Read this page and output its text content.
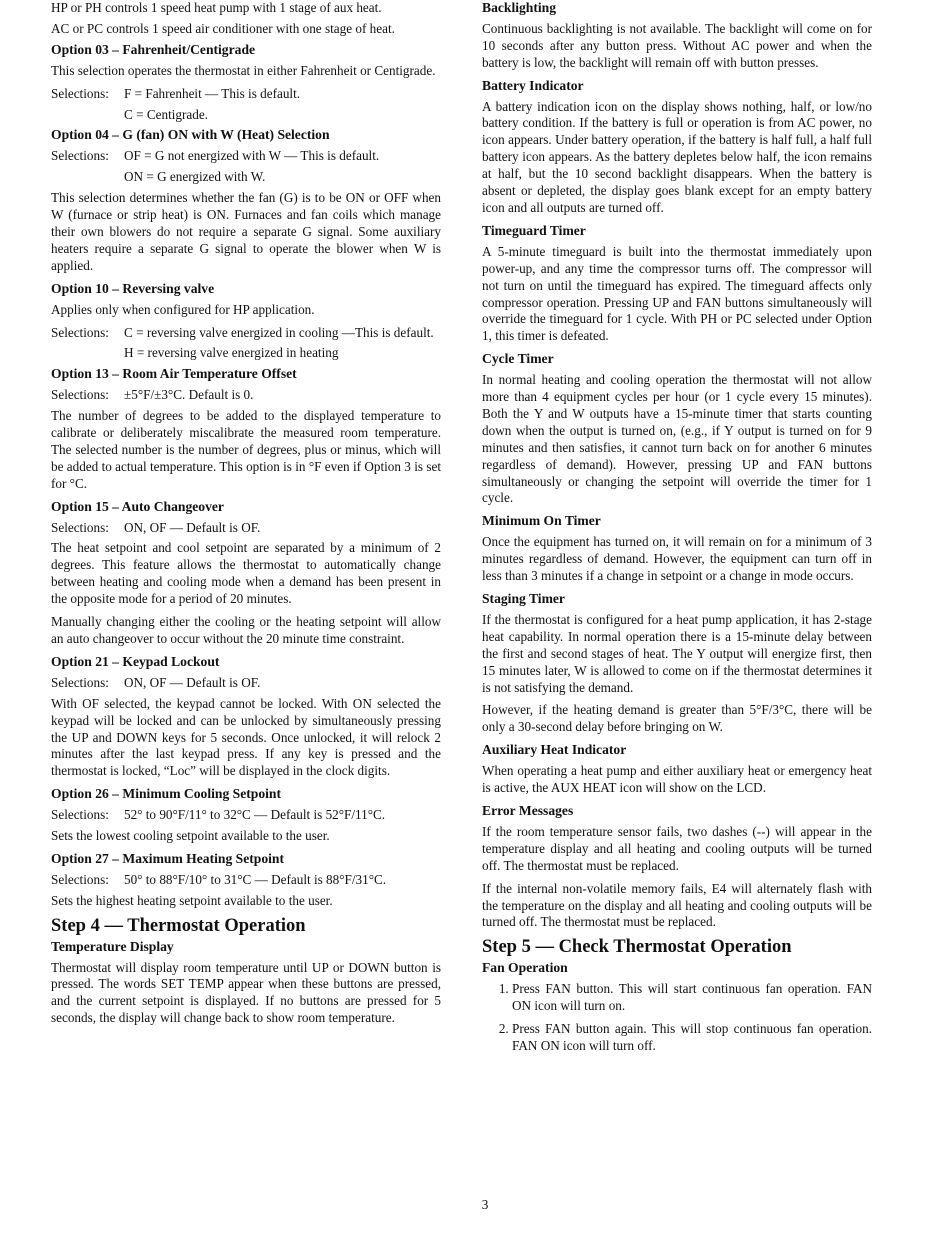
HP or PH controls 1 speed heat pump with 1 stage of aux heat.

AC or PC controls 1 speed air conditioner with one stage of heat.

Option 03 – Fahrenheit/Centigrade

This selection operates the thermostat in either Fahrenheit or Centigrade.

Selections:	F = Fahrenheit — This is default.
C = Centigrade.
Option 04 – G (fan) ON with W (Heat) Selection
Selections:	OF = G not energized with W — This is default.
ON = G energized with W.

This selection determines whether the fan (G) is to be ON or OFF when W (furnace or strip heat) is ON. Furnaces and fan coils which manage their own blowers do not require a separate G signal. Some auxiliary heaters require a separate G signal to operate the blower when W is applied.

Option 10 – Reversing valve

Applies only when configured for HP application.

Selections:	C = reversing valve energized in cooling —This is default.
H = reversing valve energized in heating
Option 13 – Room Air Temperature Offset
Selections:	±5°F/±3°C. Default is 0.

The number of degrees to be added to the displayed temperature to calibrate or deliberately miscalibrate the measured room temperature. The selected number is the number of degrees, plus or minus, which will be added to actual temperature. This option is in °F even if Option 3 is set for °C.

Option 15 – Auto Changeover
Selections:	ON, OF — Default is OF.

The heat setpoint and cool setpoint are separated by a minimum of 2 degrees. This feature allows the thermostat to automatically change between heating and cooling mode when a demand has been present in the opposite mode for a period of 20 minutes.

Manually changing either the cooling or the heating setpoint will allow an auto changeover to occur without the 20 minute time constraint.

Option 21 – Keypad Lockout
Selections:	ON, OF — Default is OF.

With OF selected, the keypad cannot be locked. With ON selected the keypad will be locked and can be unlocked by simultaneously pressing the UP and DOWN keys for 5 seconds. Once unlocked, it will relock 2 minutes after the last keypad press. If any key is pressed and the thermostat is locked, “Loc” will be displayed in the clock digits.

Option 26 – Minimum Cooling Setpoint
Selections:	52° to 90°F/11° to 32°C — Default is 52°F/11°C.

Sets the lowest cooling setpoint available to the user.

Option 27 – Maximum Heating Setpoint
Selections:	50° to 88°F/10° to 31°C — Default is 88°F/31°C.

Sets the highest heating setpoint available to the user.

Step 4 — Thermostat Operation
Temperature Display

Thermostat will display room temperature until UP or DOWN button is pressed. The words SET TEMP appear when these buttons are pressed, and the current setpoint is displayed. If no buttons are pressed for 5 seconds, the display will change back to show room temperature.

Backlighting

Continuous backlighting is not available. The backlight will come on for 10 seconds after any button press. Without AC power and when the battery is low, the backlight will remain off with button presses.

Battery Indicator

A battery indication icon on the display shows nothing, half, or low/no battery condition. If the battery is full or operation is from AC power, no icon appears. Under battery operation, if the battery is half full, a half full battery icon appears. As the battery depletes below half, the icon remains at half, but the 10 second backlight disappears. When the battery is absent or depleted, the display goes blank except for an empty battery icon and all outputs are turned off.

Timeguard Timer

A 5-minute timeguard is built into the thermostat immediately upon power-up, and any time the compressor turns off. The compressor will not turn on until the timeguard has expired. The timeguard affects only compressor operation. Pressing UP and FAN buttons simultaneously will override the timeguard for 1 cycle. With PH or PC selected under Option 1, this timer is defeated.

Cycle Timer

In normal heating and cooling operation the thermostat will not allow more than 4 equipment cycles per hour (or 1 cycle every 15 minutes). Both the Y and W outputs have a 15-minute timer that starts counting down when the output is turned on, (e.g., if Y output is turned on for 9 minutes and then satisfies, it cannot turn back on for another 6 minutes regardless of demand). However, pressing UP and FAN buttons simultaneously or changing the setpoint will override the timer for 1 cycle.

Minimum On Timer

Once the equipment has turned on, it will remain on for a minimum of 3 minutes regardless of demand. However, the equipment can turn off in less than 3 minutes if a change in setpoint or a change in mode occurs.

Staging Timer

If the thermostat is configured for a heat pump application, it has 2-stage heat capability. In normal operation there is a 15-minute delay between the first and second stages of heat. The Y output will energize first, then 15 minutes later, W is allowed to come on if the thermostat determines it is not satisfying the demand.

However, if the heating demand is greater than 5°F/3°C, there will be only a 30-second delay before bringing on W.

Auxiliary Heat Indicator

When operating a heat pump and either auxiliary heat or emergency heat is active, the AUX HEAT icon will show on the LCD.

Error Messages

If the room temperature sensor fails, two dashes (--) will appear in the temperature display and all heating and cooling outputs will be turned off. The thermostat must be replaced.

If the internal non-volatile memory fails, E4 will alternately flash with the temperature on the display and all heating and cooling outputs will be turned off. The thermostat must be replaced.

Step 5 — Check Thermostat Operation
Fan Operation
1. Press FAN button. This will start continuous fan operation. FAN ON icon will turn on.
2. Press FAN button again. This will stop continuous fan operation. FAN ON icon will turn off.
3
